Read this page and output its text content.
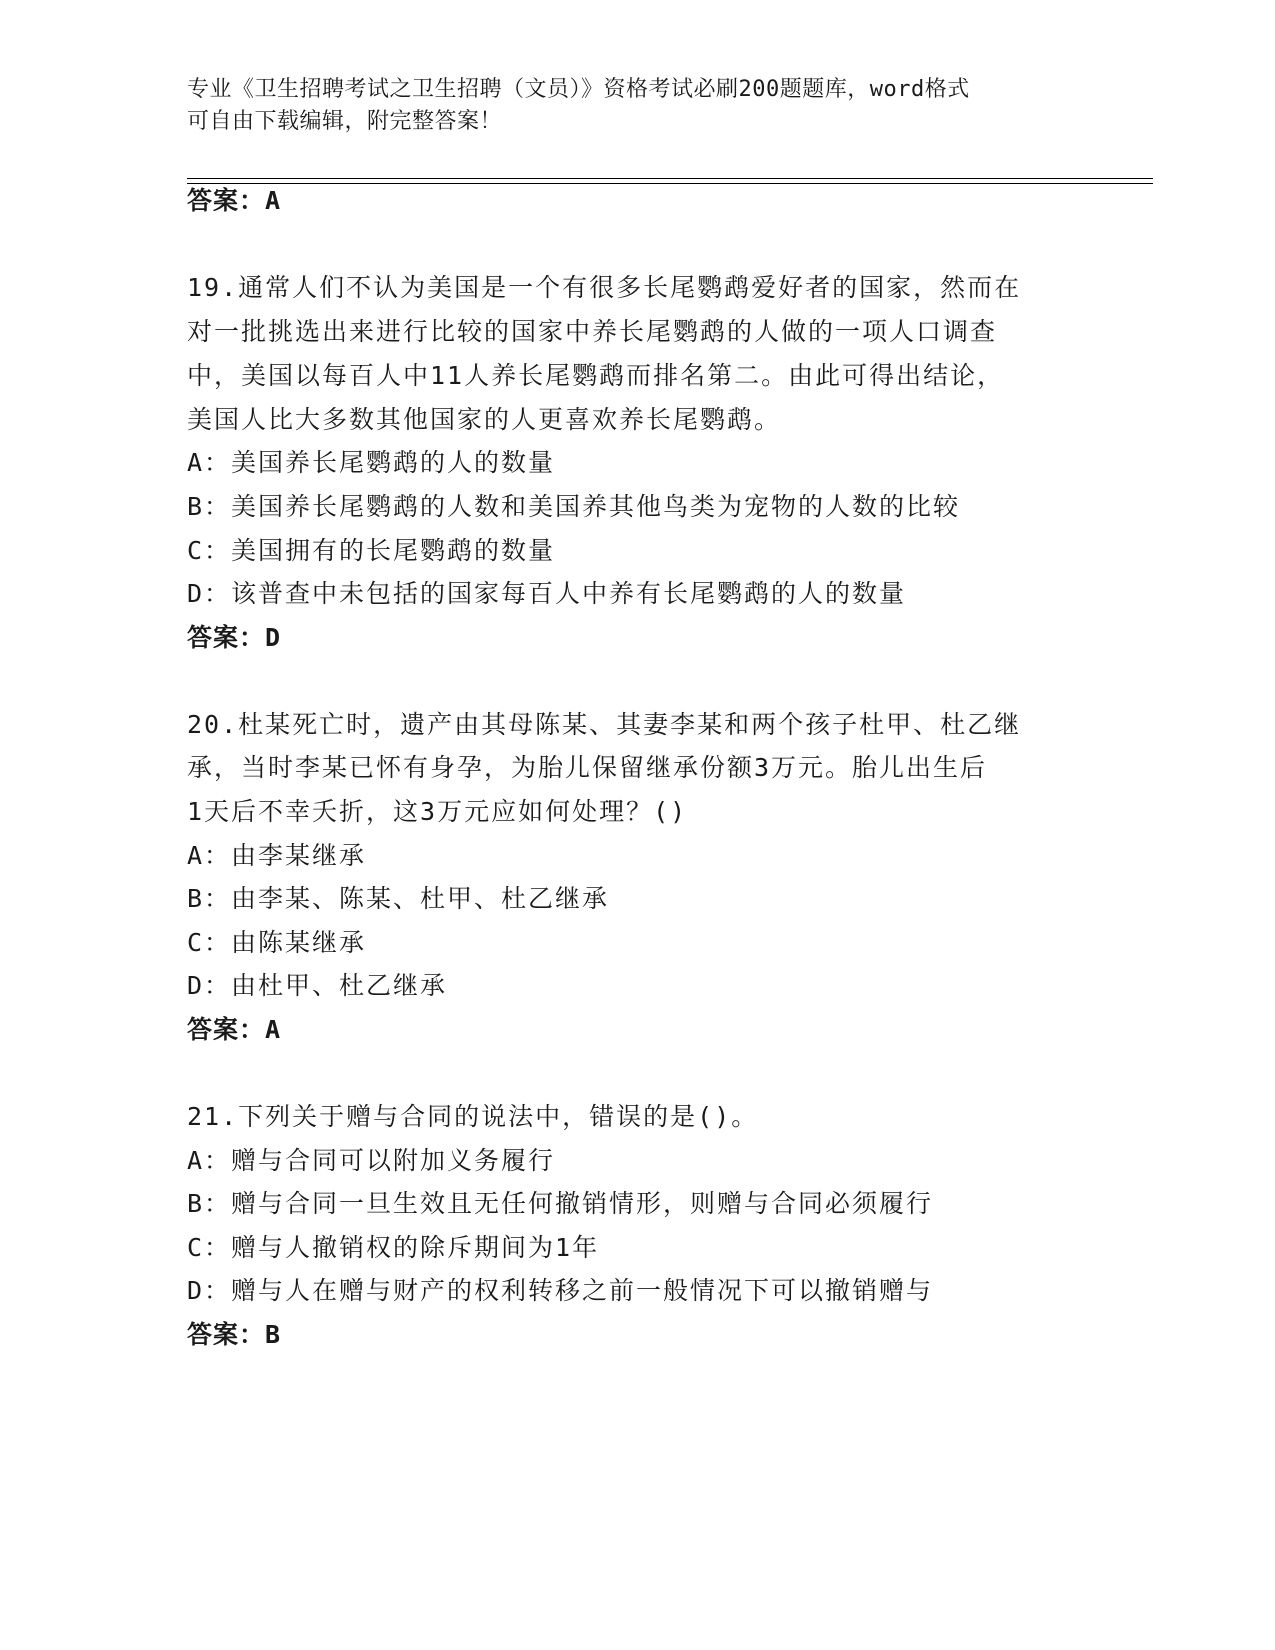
专业《卫生招聘考试之卫生招聘（文员）》资格考试必刷200题题库，word格式
可自由下载编辑，附完整答案！
答案：A
19.通常人们不认为美国是一个有很多长尾鹦鹉爱好者的国家，然而在
对一批挑选出来进行比较的国家中养长尾鹦鹉的人做的一项人口调查
中，美国以每百人中11人养长尾鹦鹉而排名第二。由此可得出结论，
美国人比大多数其他国家的人更喜欢养长尾鹦鹉。
A：美国养长尾鹦鹉的人的数量
B：美国养长尾鹦鹉的人数和美国养其他鸟类为宠物的人数的比较
C：美国拥有的长尾鹦鹉的数量
D：该普查中未包括的国家每百人中养有长尾鹦鹉的人的数量
答案：D
20.杜某死亡时，遗产由其母陈某、其妻李某和两个孩子杜甲、杜乙继
承，当时李某已怀有身孕，为胎儿保留继承份额3万元。胎儿出生后
1天后不幸夭折，这3万元应如何处理？()
A：由李某继承
B：由李某、陈某、杜甲、杜乙继承
C：由陈某继承
D：由杜甲、杜乙继承
答案：A
21.下列关于赠与合同的说法中，错误的是()。
A：赠与合同可以附加义务履行
B：赠与合同一旦生效且无任何撤销情形，则赠与合同必须履行
C：赠与人撤销权的除斥期间为1年
D：赠与人在赠与财产的权利转移之前一般情况下可以撤销赠与
答案：B
